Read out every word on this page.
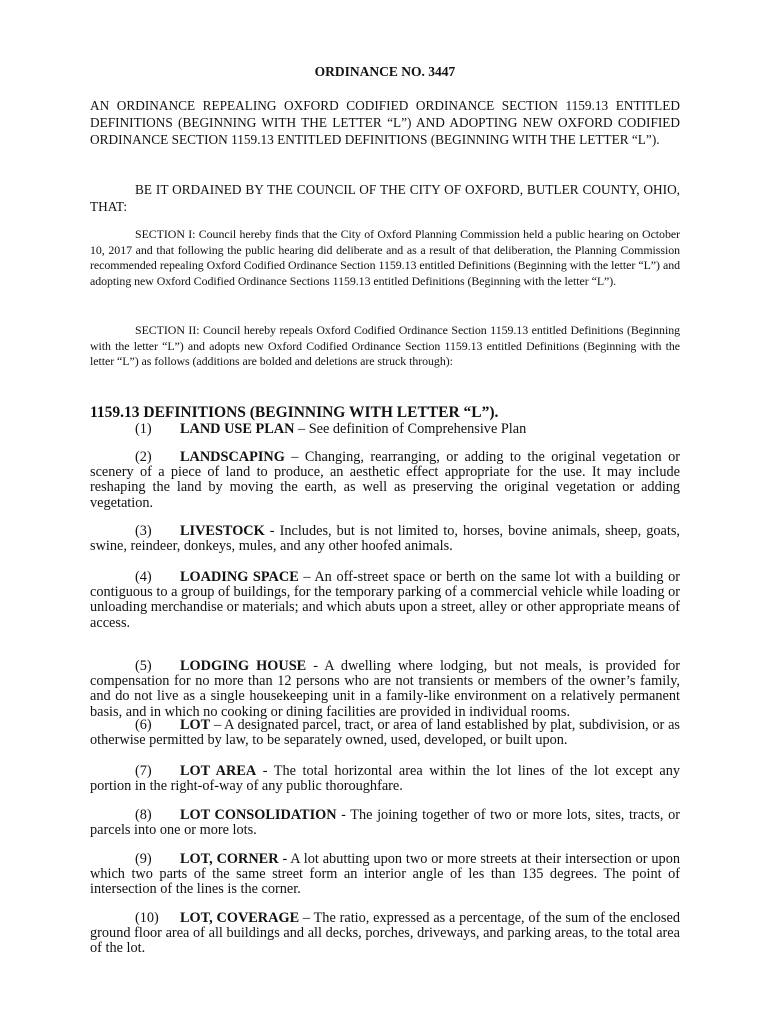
ORDINANCE NO. 3447
AN ORDINANCE REPEALING OXFORD CODIFIED ORDINANCE SECTION 1159.13 ENTITLED DEFINITIONS (BEGINNING WITH THE LETTER “L”) AND ADOPTING NEW OXFORD CODIFIED ORDINANCE SECTION 1159.13 ENTITLED DEFINITIONS (BEGINNING WITH THE LETTER “L”).
BE IT ORDAINED BY THE COUNCIL OF THE CITY OF OXFORD, BUTLER COUNTY, OHIO, THAT:
SECTION I: Council hereby finds that the City of Oxford Planning Commission held a public hearing on October 10, 2017 and that following the public hearing did deliberate and as a result of that deliberation, the Planning Commission recommended repealing Oxford Codified Ordinance Section 1159.13 entitled Definitions (Beginning with the letter “L”) and adopting new Oxford Codified Ordinance Sections 1159.13 entitled Definitions (Beginning with the letter “L”).
SECTION II: Council hereby repeals Oxford Codified Ordinance Section 1159.13 entitled Definitions (Beginning with the letter “L”) and adopts new Oxford Codified Ordinance Section 1159.13 entitled Definitions (Beginning with the letter “L”) as follows (additions are bolded and deletions are struck through):
1159.13 DEFINITIONS (BEGINNING WITH LETTER “L”).
(1) LAND USE PLAN – See definition of Comprehensive Plan
(2) LANDSCAPING – Changing, rearranging, or adding to the original vegetation or scenery of a piece of land to produce, an aesthetic effect appropriate for the use. It may include reshaping the land by moving the earth, as well as preserving the original vegetation or adding vegetation.
(3) LIVESTOCK - Includes, but is not limited to, horses, bovine animals, sheep, goats, swine, reindeer, donkeys, mules, and any other hoofed animals.
(4) LOADING SPACE – An off-street space or berth on the same lot with a building or contiguous to a group of buildings, for the temporary parking of a commercial vehicle while loading or unloading merchandise or materials; and which abuts upon a street, alley or other appropriate means of access.
(5) LODGING HOUSE - A dwelling where lodging, but not meals, is provided for compensation for no more than 12 persons who are not transients or members of the owner’s family, and do not live as a single housekeeping unit in a family-like environment on a relatively permanent basis, and in which no cooking or dining facilities are provided in individual rooms.
(6) LOT – A designated parcel, tract, or area of land established by plat, subdivision, or as otherwise permitted by law, to be separately owned, used, developed, or built upon.
(7) LOT AREA - The total horizontal area within the lot lines of the lot except any portion in the right-of-way of any public thoroughfare.
(8) LOT CONSOLIDATION - The joining together of two or more lots, sites, tracts, or parcels into one or more lots.
(9) LOT, CORNER - A lot abutting upon two or more streets at their intersection or upon which two parts of the same street form an interior angle of les than 135 degrees. The point of intersection of the lines is the corner.
(10) LOT, COVERAGE – The ratio, expressed as a percentage, of the sum of the enclosed ground floor area of all buildings and all decks, porches, driveways, and parking areas, to the total area of the lot.
